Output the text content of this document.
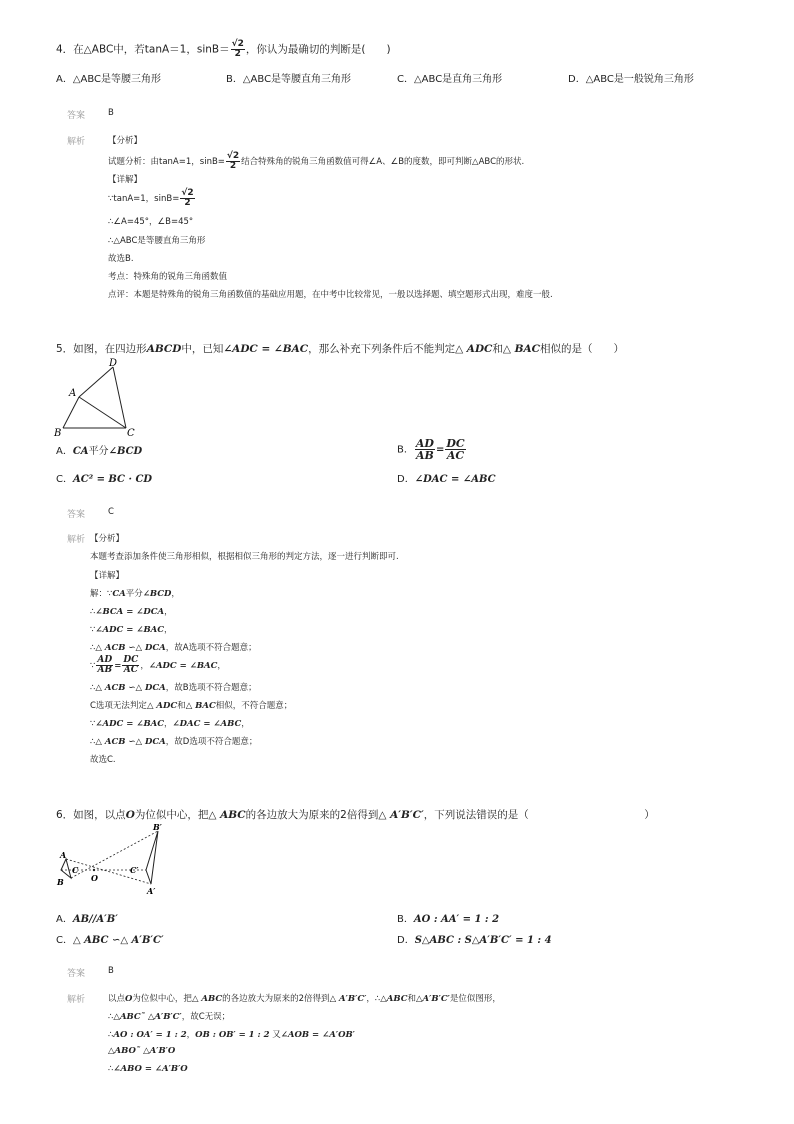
4．在△ABC中，若tanA＝1，$\sin B= \frac{√2}{2}$ ，你认为最确切的判断是(　　)
A．△ABC是等腰三角形	B．△ABC是等腰直角三角形	C．△ABC是直角三角形	D．△ABC是一般锐角三角形
答案	B
解析	【分析】
试题分析：由tanA=1，$\sin B= \frac{√2}{2}$ 结合特殊角的锐角三角函数值可得∠A、∠B的度数，即可判断△ABC的形状.
【详解】
∵tanA=1，$\sin B= \frac{√2}{2}$
∴∠A=45°，∠B=45°
∴△ABC是等腰直角三角形
故选B.
考点：特殊角的锐角三角函数值
点评：本题是特殊角的锐角三角函数值的基础应用题，在中考中比较常见，一般以选择题、填空题形式出现，难度一般.
5．如图，在四边形ABCD中，已知∠ADC = ∠BAC，那么补充下列条件后不能判定△ ADC和△ BAC相似的是（　　）
A
D
B	C
A．CA平分∠BCD	B． $\frac{AD}{AB} = \frac{DC}{AC}$
C．AC² = BC · CD	D．∠DAC = ∠ABC
答案	C
解析 【分析】
本题考查添加条件使三角形相似，根据相似三角形的判定方法，逐一进行判断即可.
【详解】
解：∵CA平分∠BCD，
∴∠BCA = ∠DCA，
∵∠ADC = ∠BAC，
∴△ ACB ∽△ DCA，故A选项不符合题意；
∵ $\frac{AD}{AB} = \frac{DC}{AC}$ ，∠ADC = ∠BAC，
∴△ ACB ∽△ DCA，故B选项不符合题意；
C选项无法判定△ ADC和△ BAC相似，不符合题意；
∵∠ADC = ∠BAC，∠DAC = ∠ABC，
∴△ ACB ∽△ DCA，故D选项不符合题意；
故选C.
6．如图，以点O为位似中心，把△ ABC的各边放大为原来的2倍得到△ A′B′C′，下列说法错误的是（　　　　　　　　　　　）
A
B
C
O
B′
C′
A′
A．AB//A′B′	B．AO : AA′ = 1 : 2
C．△ ABC ∽△ A′B′C′	D．S△ABC : S△A′B′C′ = 1 : 4
答案	B
解析	以点O为位似中心，把△ ABC的各边放大为原来的2倍得到△ A′B′C′，∴△ABC和△A′B′C′是位似图形，
∴△ABC˜ △A′B′C′，故C无误；
∴AO : OA′ = 1 : 2，OB : OB′ = 1 : 2 又∠AOB = ∠A′OB′
△ABO˜ △A′B′O
∴∠ABO = ∠A′B′O
